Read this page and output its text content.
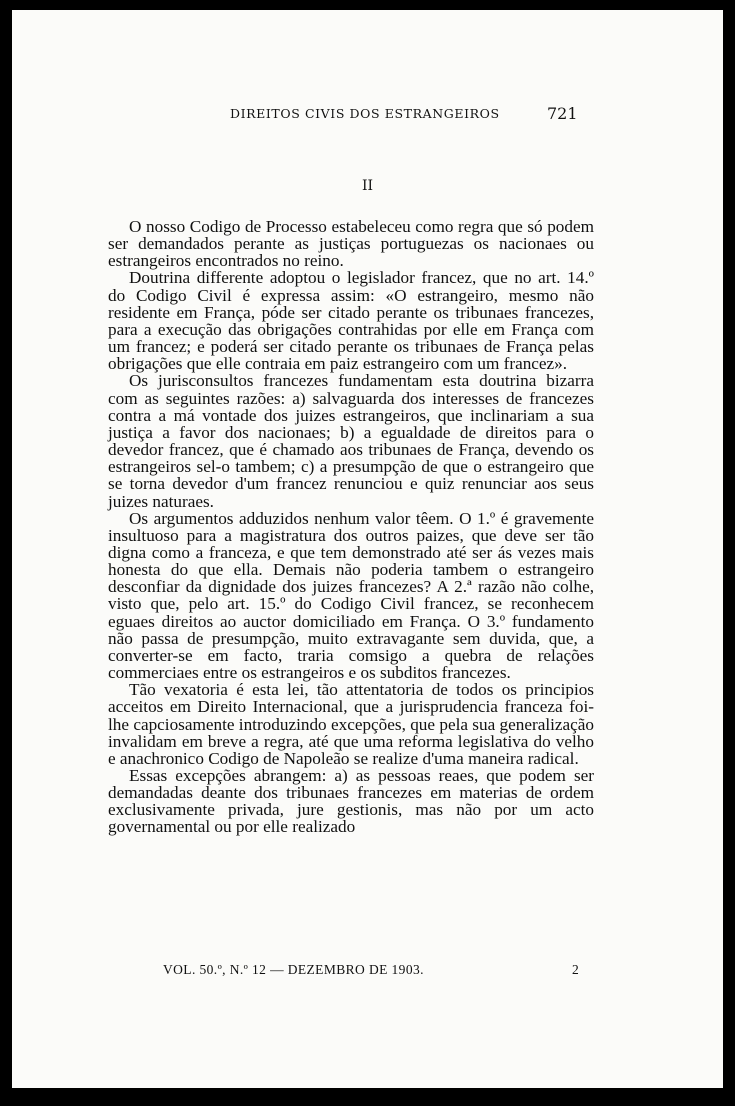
DIREITOS CIVIS DOS ESTRANGEIROS	721
II

O nosso Codigo de Processo estabeleceu como regra que só podem ser demandados perante as justiças portuguezas os nacionaes ou estrangeiros encontrados no reino.

Doutrina differente adoptou o legislador francez, que no art. 14.º do Codigo Civil é expressa assim: «O estrangeiro, mesmo não residente em França, póde ser citado perante os tribunaes francezes, para a execução das obrigações contrahidas por elle em França com um francez; e poderá ser citado perante os tribunaes de França pelas obrigações que elle contraia em paiz estrangeiro com um francez».

Os jurisconsultos francezes fundamentam esta doutrina bizarra com as seguintes razões: a) salvaguarda dos interesses de francezes contra a má vontade dos juizes estrangeiros, que inclinariam a sua justiça a favor dos nacionaes; b) a egualdade de direitos para o devedor francez, que é chamado aos tribunaes de França, devendo os estrangeiros sel-o tambem; c) a presumpção de que o estrangeiro que se torna devedor d'um francez renunciou e quiz renunciar aos seus juizes naturaes.

Os argumentos adduzidos nenhum valor têem. O 1.º é gravemente insultuoso para a magistratura dos outros paizes, que deve ser tão digna como a franceza, e que tem demonstrado até ser ás vezes mais honesta do que ella. Demais não poderia tambem o estrangeiro desconfiar da dignidade dos juizes francezes? A 2.ª razão não colhe, visto que, pelo art. 15.º do Codigo Civil francez, se reconhecem eguaes direitos ao auctor domiciliado em França. O 3.º fundamento não passa de presumpção, muito extravagante sem duvida, que, a converter-se em facto, traria comsigo a quebra de relações commerciaes entre os estrangeiros e os subditos francezes.

Tão vexatoria é esta lei, tão attentatoria de todos os principios acceitos em Direito Internacional, que a jurisprudencia franceza foi-lhe capciosamente introduzindo excepções, que pela sua generalização invalidam em breve a regra, até que uma reforma legislativa do velho e anachronico Codigo de Napoleão se realize d'uma maneira radical.

Essas excepções abrangem: a) as pessoas reaes, que podem ser demandadas deante dos tribunaes francezes em materias de ordem exclusivamente privada, jure gestionis, mas não por um acto governamental ou por elle realizado

VOL. 50.º, N.º 12 — DEZEMBRO DE 1903.	2
